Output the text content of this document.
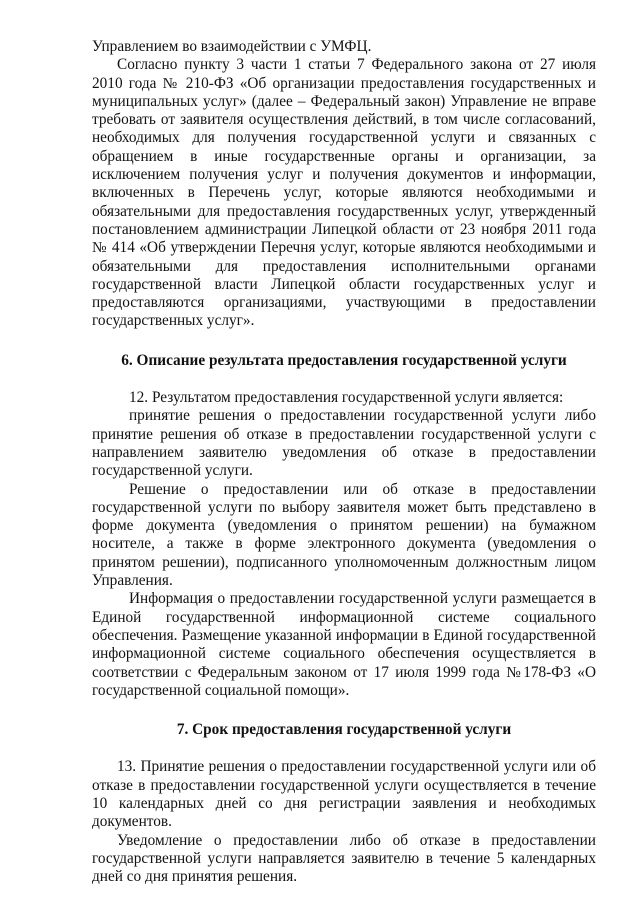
Управлением во взаимодействии с УМФЦ.

Согласно пункту 3 части 1 статьи 7 Федерального закона от 27 июля 2010 года № 210-ФЗ «Об организации предоставления государственных и муниципальных услуг» (далее – Федеральный закон) Управление не вправе требовать от заявителя осуществления действий, в том числе согласований, необходимых для получения государственной услуги и связанных с обращением в иные государственные органы и организации, за исключением получения услуг и получения документов и информации, включенных в Перечень услуг, которые являются необходимыми и обязательными для предоставления государственных услуг, утвержденный постановлением администрации Липецкой области от 23 ноября 2011 года № 414 «Об утверждении Перечня услуг, которые являются необходимыми и обязательными для предоставления исполнительными органами государственной власти Липецкой области государственных услуг и предоставляются организациями, участвующими в предоставлении государственных услуг».

6. Описание результата предоставления государственной услуги

12. Результатом предоставления государственной услуги является:

принятие решения о предоставлении государственной услуги либо принятие решения об отказе в предоставлении государственной услуги с направлением заявителю уведомления об отказе в предоставлении государственной услуги.

Решение о предоставлении или об отказе в предоставлении государственной услуги по выбору заявителя может быть представлено в форме документа (уведомления о принятом решении) на бумажном носителе, а также в форме электронного документа (уведомления о принятом решении), подписанного уполномоченным должностным лицом Управления.

Информация о предоставлении государственной услуги размещается в Единой государственной информационной системе социального обеспечения. Размещение указанной информации в Единой государственной информационной системе социального обеспечения осуществляется в соответствии с Федеральным законом от 17 июля 1999 года №178-ФЗ «О государственной социальной помощи».

7. Срок предоставления государственной услуги

13. Принятие решения о предоставлении государственной услуги или об отказе в предоставлении государственной услуги осуществляется в течение 10 календарных дней со дня регистрации заявления и необходимых документов.

Уведомление о предоставлении либо об отказе в предоставлении государственной услуги направляется заявителю в течение 5 календарных дней со дня принятия решения.
